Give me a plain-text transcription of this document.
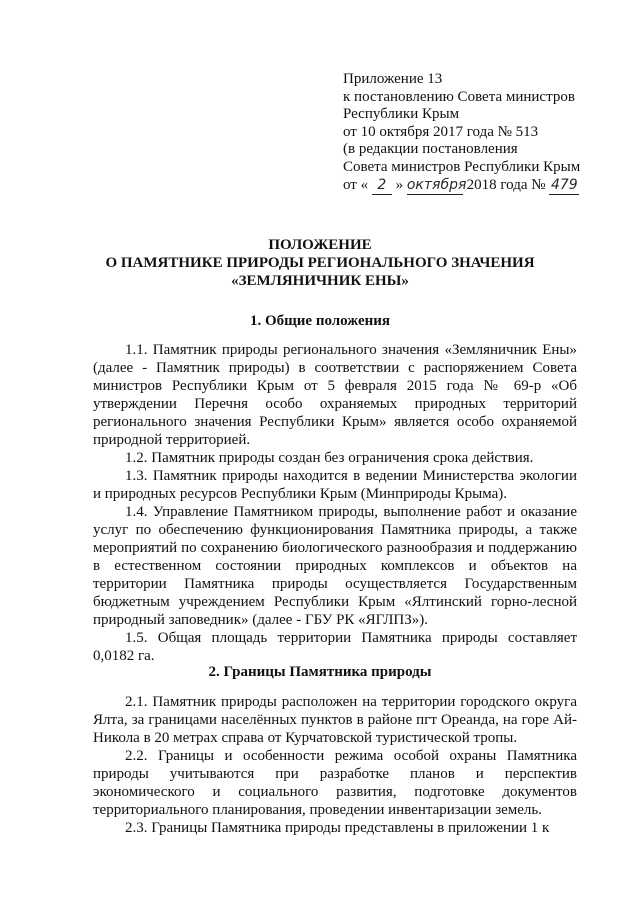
Приложение 13
к постановлению Совета министров
Республики Крым
от 10 октября 2017 года № 513
(в редакции постановления
Совета министров Республики Крым
от « 2 » октября 2018 года № 479
ПОЛОЖЕНИЕ
О ПАМЯТНИКЕ ПРИРОДЫ РЕГИОНАЛЬНОГО ЗНАЧЕНИЯ
«ЗЕМЛЯНИЧНИК ЕНЫ»
1. Общие положения

1.1. Памятник природы регионального значения «Земляничник Ены» (далее - Памятник природы) в соответствии с распоряжением Совета министров Республики Крым от 5 февраля 2015 года № 69-р «Об утверждении Перечня особо охраняемых природных территорий регионального значения Республики Крым» является особо охраняемой природной территорией.

1.2. Памятник природы создан без ограничения срока действия.

1.3. Памятник природы находится в ведении Министерства экологии и природных ресурсов Республики Крым (Минприроды Крыма).

1.4. Управление Памятником природы, выполнение работ и оказание услуг по обеспечению функционирования Памятника природы, а также мероприятий по сохранению биологического разнообразия и поддержанию в естественном состоянии природных комплексов и объектов на территории Памятника природы осуществляется Государственным бюджетным учреждением Республики Крым «Ялтинский горно-лесной природный заповедник» (далее - ГБУ РК «ЯГЛПЗ»).

1.5. Общая площадь территории Памятника природы составляет 0,0182 га.

2. Границы Памятника природы

2.1. Памятник природы расположен на территории городского округа Ялта, за границами населённых пунктов в районе пгт Ореанда, на горе Ай-Никола в 20 метрах справа от Курчатовской туристической тропы.

2.2. Границы и особенности режима особой охраны Памятника природы учитываются при разработке планов и перспектив экономического и социального развития, подготовке документов территориального планирования, проведении инвентаризации земель.

2.3. Границы Памятника природы представлены в приложении 1 к
